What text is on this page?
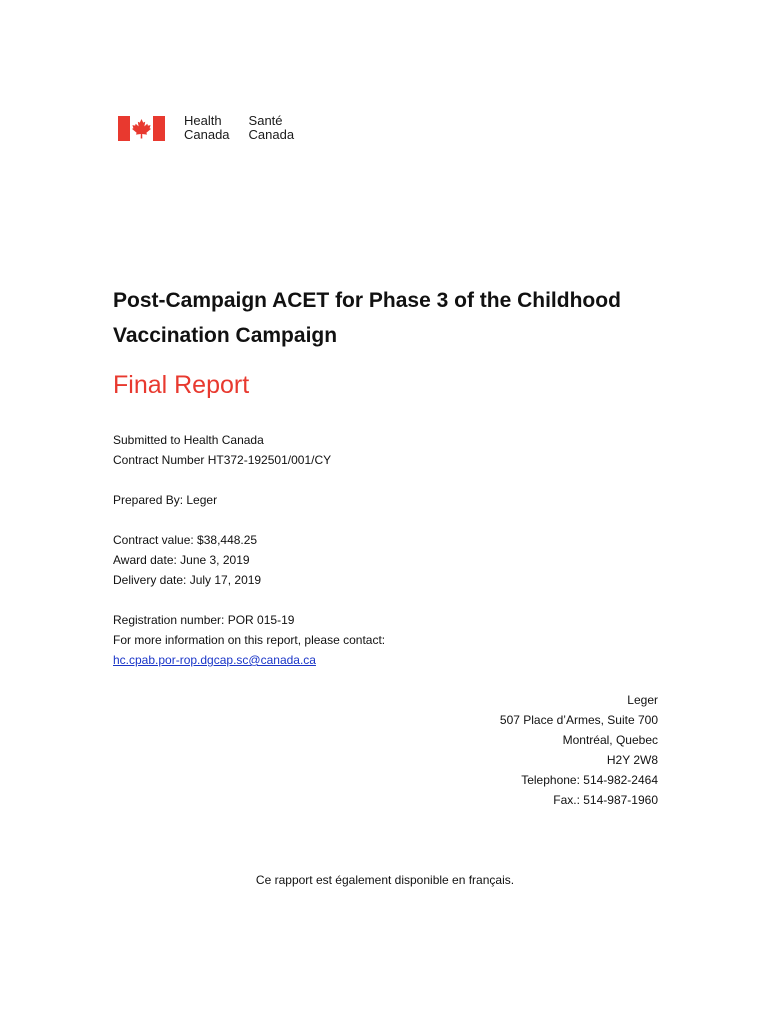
Health
Canada
Santé
Canada
Post-Campaign ACET for Phase 3 of the Childhood Vaccination Campaign
Final Report
Submitted to Health Canada
Contract Number HT372-192501/001/CY
Prepared By: Leger
Contract value: $38,448.25
Award date: June 3, 2019
Delivery date: July 17, 2019
Registration number: POR 015-19
For more information on this report, please contact:
hc.cpab.por-rop.dgcap.sc@canada.ca
Leger
507 Place d’Armes, Suite 700
Montréal, Quebec
H2Y 2W8
Telephone: 514-982-2464
Fax.: 514-987-1960
Ce rapport est également disponible en français.
